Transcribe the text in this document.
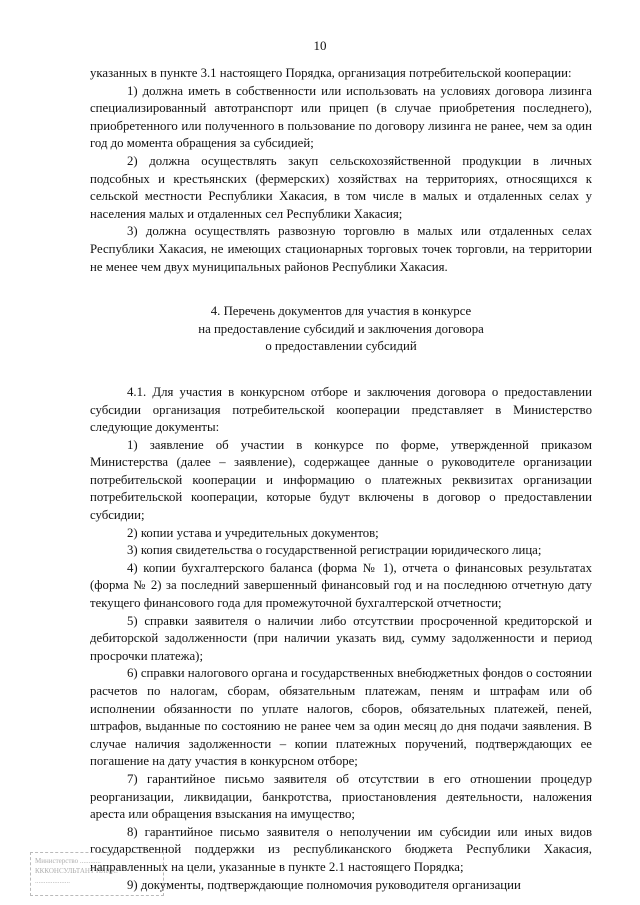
10

указанных в пункте 3.1 настоящего Порядка, организация потребительской кооперации:

1) должна иметь в собственности или использовать на условиях договора лизинга специализированный автотранспорт или прицеп (в случае приобретения последнего), приобретенного или полученного в пользование по договору лизинга не ранее, чем за один год до момента обращения за субсидией;

2) должна осуществлять закуп сельскохозяйственной продукции в личных подсобных и крестьянских (фермерских) хозяйствах на территориях, относящихся к сельской местности Республики Хакасия, в том числе в малых и отдаленных селах у населения малых и отдаленных сел Республики Хакасия;

3) должна осуществлять развозную торговлю в малых или отдаленных селах Республики Хакасия, не имеющих стационарных торговых точек торговли, на территории не менее чем двух муниципальных районов Республики Хакасия.

4. Перечень документов для участия в конкурсе
на предоставление субсидий и заключения договора
о предоставлении субсидий

4.1. Для участия в конкурсном отборе и заключения договора о предоставлении субсидии организация потребительской кооперации представляет в Министерство следующие документы:

1) заявление об участии в конкурсе по форме, утвержденной приказом Министерства (далее – заявление), содержащее данные о руководителе организации потребительской кооперации и информацию о платежных реквизитах организации потребительской кооперации, которые будут включены в договор о предоставлении субсидии;

2) копии устава и учредительных документов;

3) копия свидетельства о государственной регистрации юридического лица;

4) копии бухгалтерского баланса (форма № 1), отчета о финансовых результатах (форма № 2) за последний завершенный финансовый год и на последнюю отчетную дату текущего финансового года для промежуточной бухгалтерской отчетности;

5) справки заявителя о наличии либо отсутствии просроченной кредиторской и дебиторской задолженности (при наличии указать вид, сумму задолженности и период просрочки платежа);

6) справки налогового органа и государственных внебюджетных фондов о состоянии расчетов по налогам, сборам, обязательным платежам, пеням и штрафам или об исполнении обязанности по уплате налогов, сборов, обязательных платежей, пеней, штрафов, выданные по состоянию не ранее чем за один месяц до дня подачи заявления. В случае наличия задолженности – копии платежных поручений, подтверждающих ее погашение на дату участия в конкурсном отборе;

7) гарантийное письмо заявителя об отсутствии в его отношении процедур реорганизации, ликвидации, банкротства, приостановления деятельности, наложения ареста или обращения взыскания на имущество;

8) гарантийное письмо заявителя о неполучении им субсидии или иных видов государственной поддержки из республиканского бюджета Республики Хакасия, направленных на цели, указанные в пункте 2.1 настоящего Порядка;

9) документы, подтверждающие полномочия руководителя организации

Министерство ............
КККОНСУЛЬТАНТ ПЛЮС
....................
